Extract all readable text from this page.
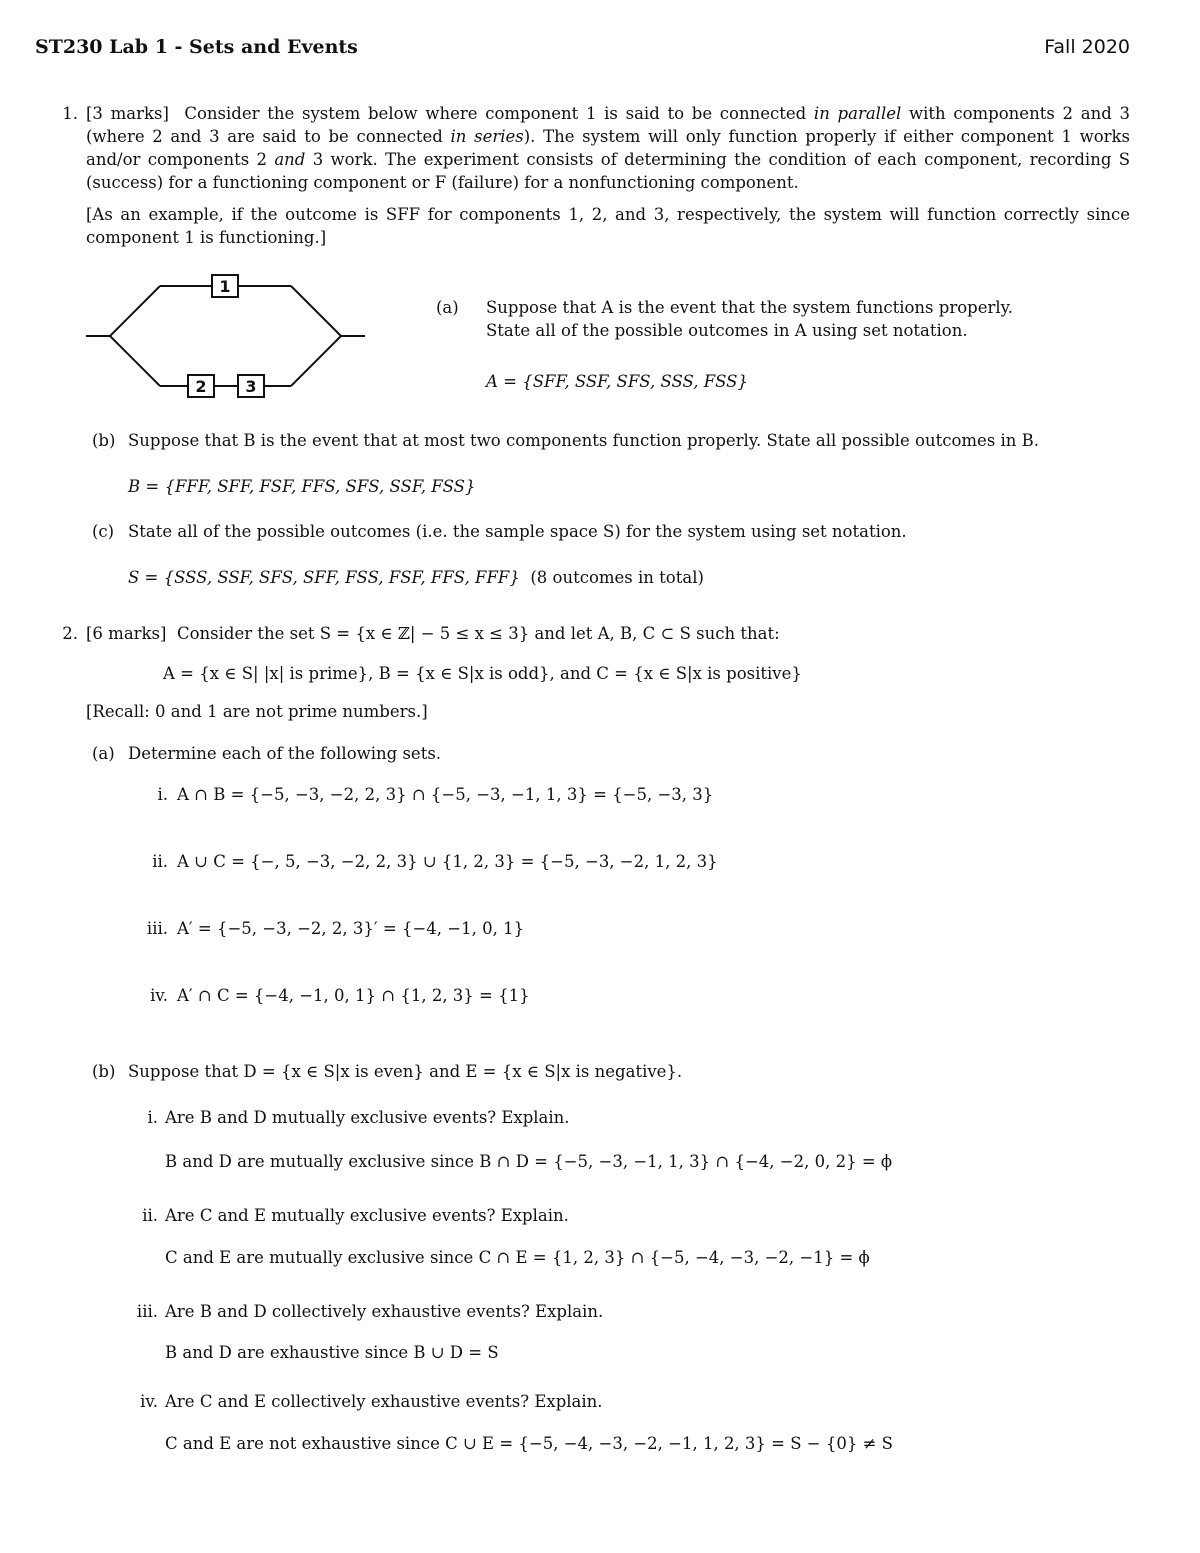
ST230 Lab 1 - Sets and Events	Fall 2020
1. [3 marks] Consider the system below where component 1 is said to be connected in parallel with components 2 and 3 (where 2 and 3 are said to be connected in series). The system will only function properly if either component 1 works and/or components 2 and 3 work. The experiment consists of determining the condition of each component, recording S (success) for a functioning component or F (failure) for a nonfunctioning component.
[As an example, if the outcome is SFF for components 1, 2, and 3, respectively, the system will function correctly since component 1 is functioning.]
1
2 3
(a) Suppose that A is the event that the system functions properly.
State all of the possible outcomes in A using set notation.
A = {SFF, SSF, SFS, SSS, FSS}
(b) Suppose that B is the event that at most two components function properly. State all possible outcomes in B.
B = {FFF, SFF, FSF, FFS, SFS, SSF, FSS}
(c) State all of the possible outcomes (i.e. the sample space S) for the system using set notation.
S = {SSS, SSF, SFS, SFF, FSS, FSF, FFS, FFF} (8 outcomes in total)
2. [6 marks] Consider the set S = {x ∈ ℤ| − 5 ≤ x ≤ 3} and let A, B, C ⊂ S such that:
A = {x ∈ S| |x| is prime}, B = {x ∈ S|x is odd}, and C = {x ∈ S|x is positive}
[Recall: 0 and 1 are not prime numbers.]
(a) Determine each of the following sets.
i. A ∩ B = {−5, −3, −2, 2, 3} ∩ {−5, −3, −1, 1, 3} = {−5, −3, 3}
ii. A ∪ C = {−, 5, −3, −2, 2, 3} ∪ {1, 2, 3} = {−5, −3, −2, 1, 2, 3}
iii. A′ = {−5, −3, −2, 2, 3}′ = {−4, −1, 0, 1}
iv. A′ ∩ C = {−4, −1, 0, 1} ∩ {1, 2, 3} = {1}
(b) Suppose that D = {x ∈ S|x is even} and E = {x ∈ S|x is negative}.
i. Are B and D mutually exclusive events? Explain.
B and D are mutually exclusive since B ∩ D = {−5, −3, −1, 1, 3} ∩ {−4, −2, 0, 2} = ϕ
ii. Are C and E mutually exclusive events? Explain.
C and E are mutually exclusive since C ∩ E = {1, 2, 3} ∩ {−5, −4, −3, −2, −1} = ϕ
iii. Are B and D collectively exhaustive events? Explain.
B and D are exhaustive since B ∪ D = S
iv. Are C and E collectively exhaustive events? Explain.
C and E are not exhaustive since C ∪ E = {−5, −4, −3, −2, −1, 1, 2, 3} = S − {0} ≠ S
